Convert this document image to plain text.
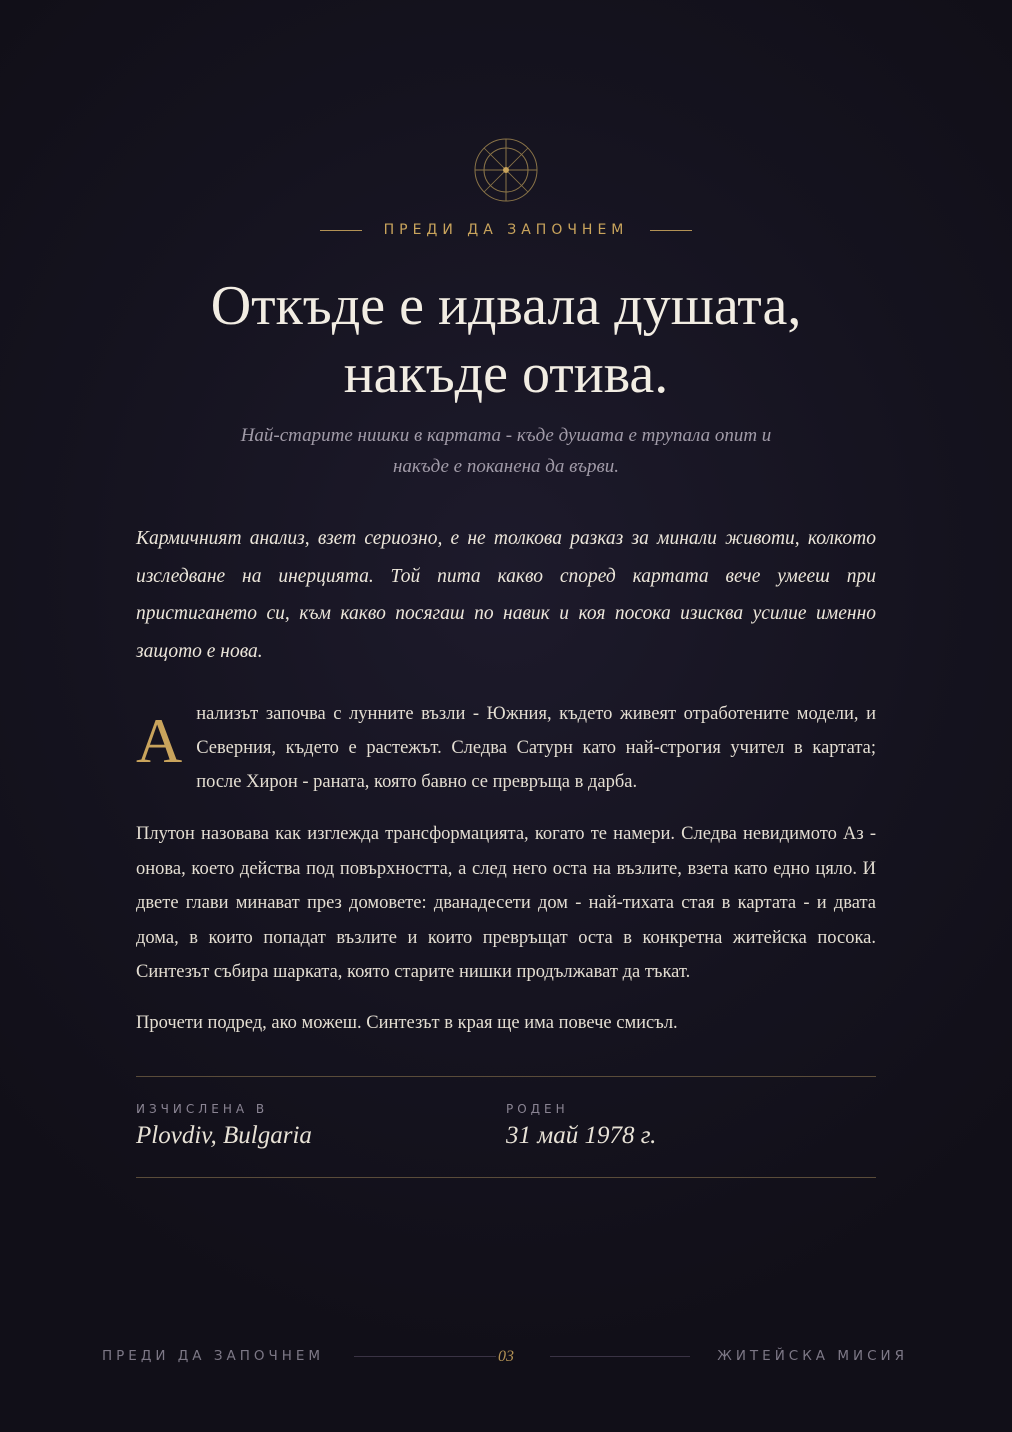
ПРЕДИ ДА ЗАПОЧНЕМ
Откъде е идвала душата,
накъде отива.

Най-старите нишки в картата - къде душата е трупала опит и
накъде е поканена да върви.

Кармичният анализ, взет сериозно, е не толкова разказ за минали животи, колкото изследване на инерцията. Той пита какво според картата вече умееш при пристигането си, към какво посягаш по навик и коя посока изисква усилие именно защото е нова.

Анализът започва с лунните възли - Южния, където живеят отработените модели, и Северния, където е растежът. Следва Сатурн като най-строгия учител в картата; после Хирон - раната, която бавно се превръща в дарба.

Плутон назовава как изглежда трансформацията, когато те намери. Следва невидимото Аз - онова, което действа под повърхността, а след него оста на възлите, взета като едно цяло. И двете глави минават през домовете: дванадесети дом - най-тихата стая в картата - и двата дома, в които попадат възлите и които превръщат оста в конкретна житейска посока. Синтезът събира шарката, която старите нишки продължават да тъкат.

Прочети подред, ако можеш. Синтезът в края ще има повече смисъл.

ИЗЧИСЛЕНА В
Plovdiv, Bulgaria
РОДЕН
31 май 1978 г.
ПРЕДИ ДА ЗАПОЧНЕМ	03	ЖИТЕЙСКА МИСИЯ
